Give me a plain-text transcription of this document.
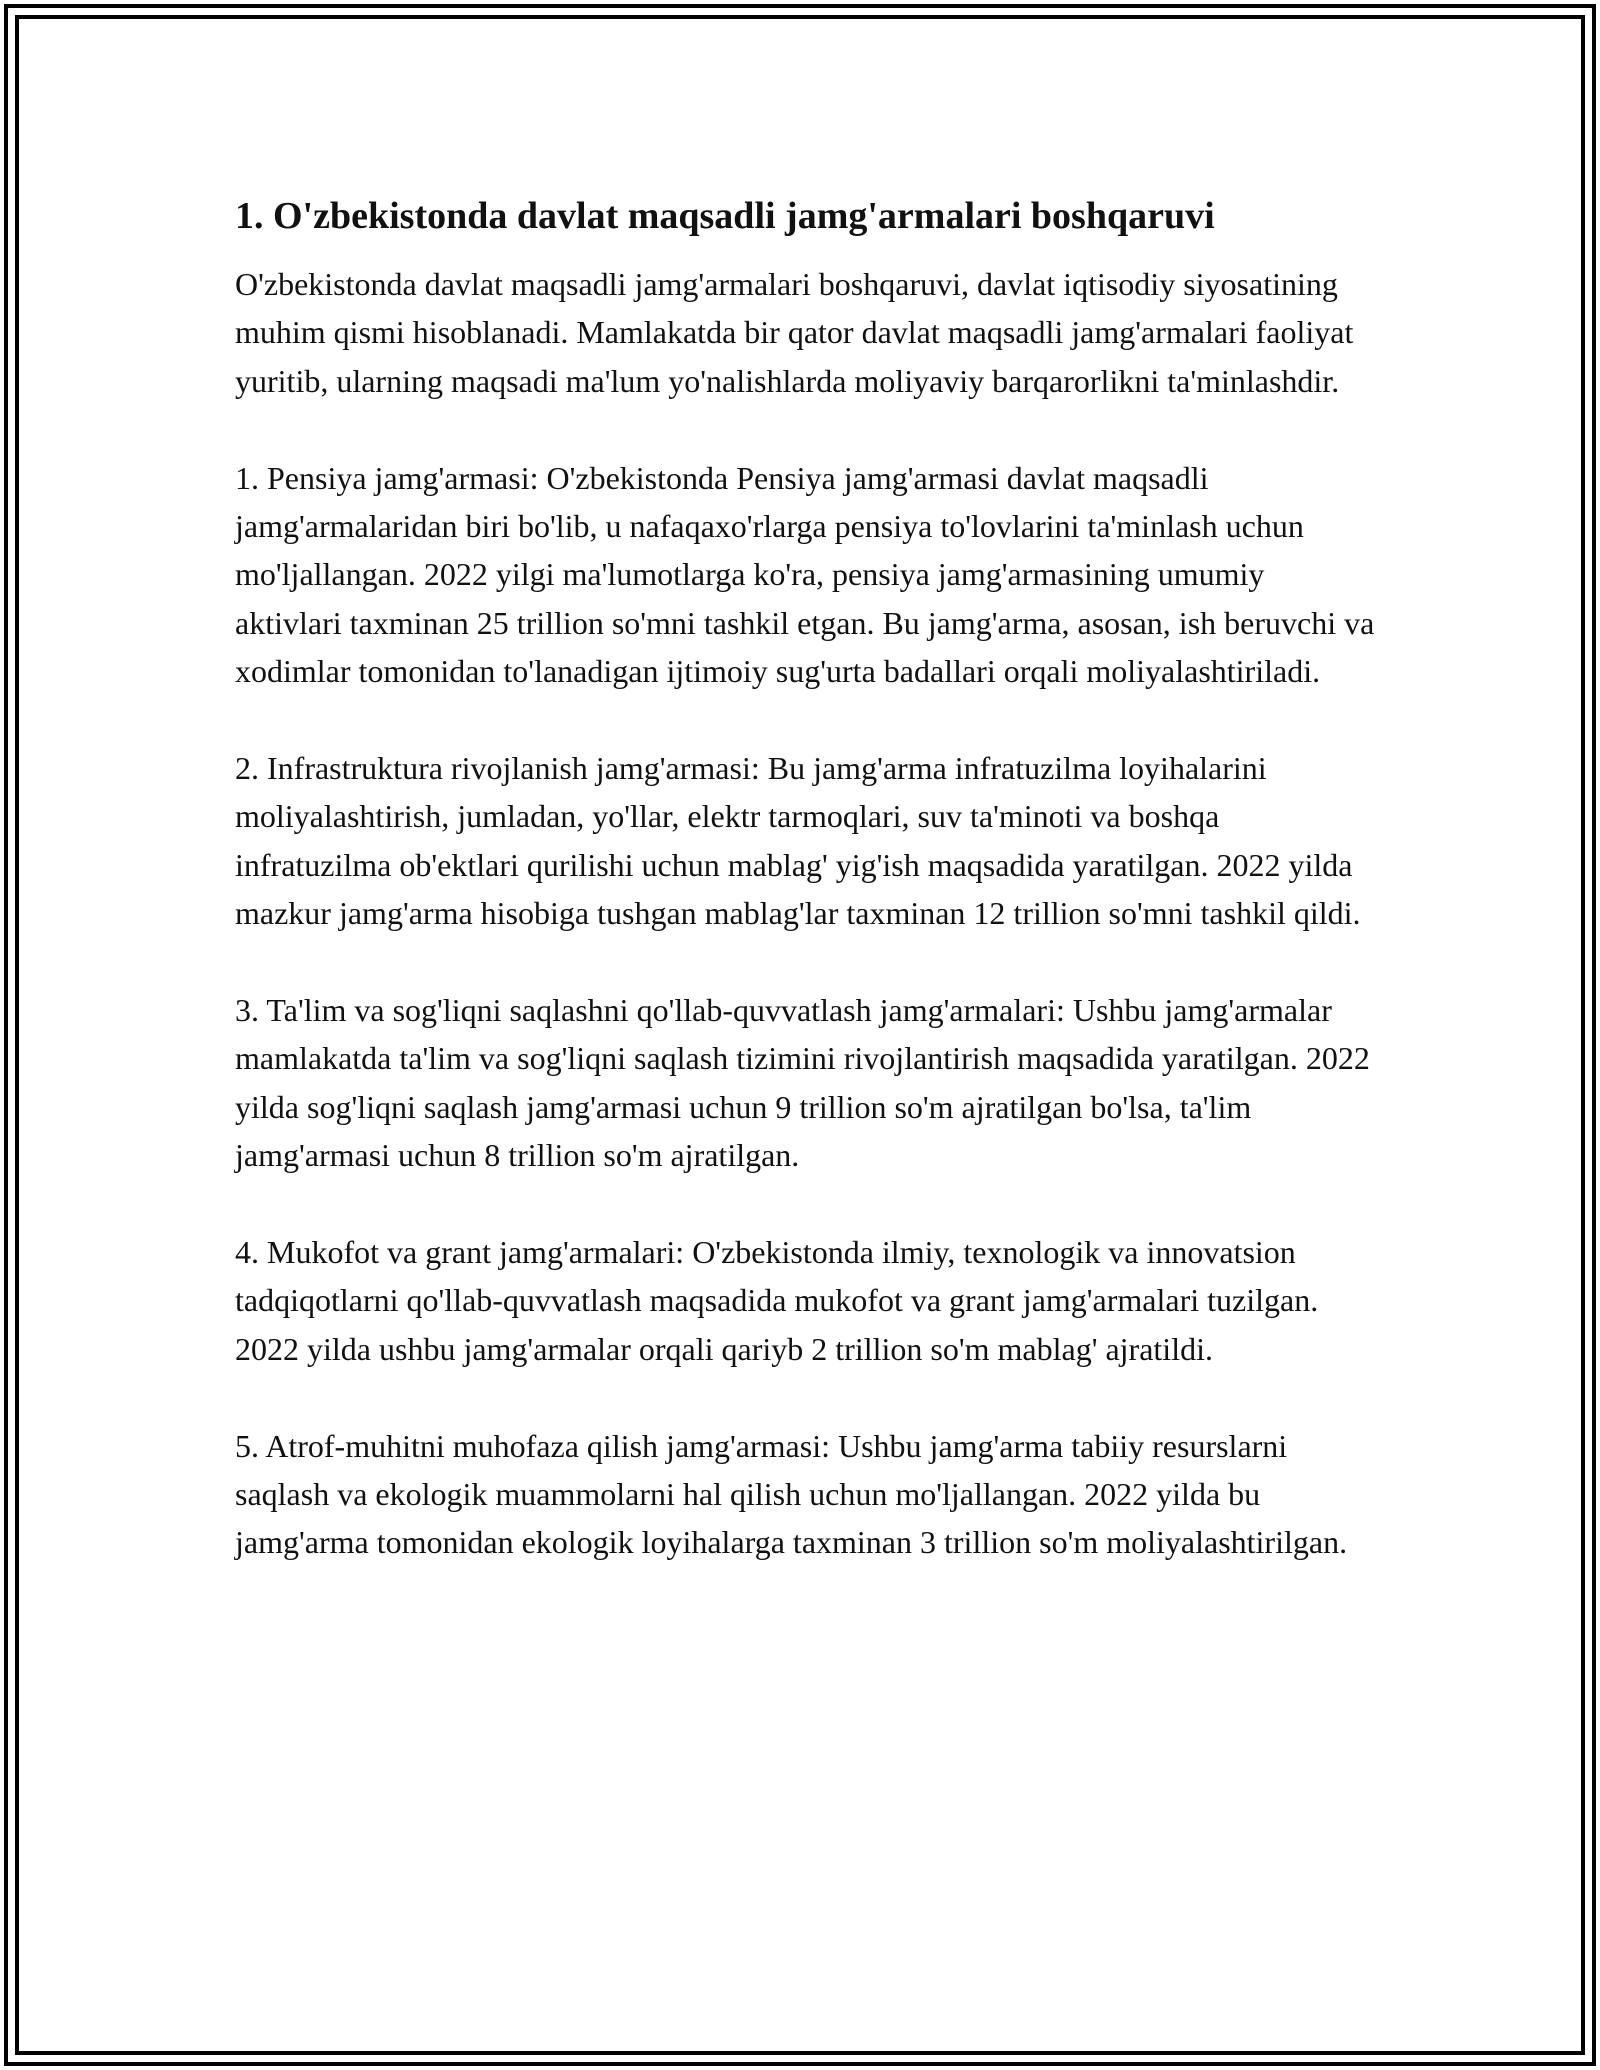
1. O'zbekistonda davlat maqsadli jamg'armalari boshqaruvi

O'zbekistonda davlat maqsadli jamg'armalari boshqaruvi, davlat iqtisodiy siyosatining muhim qismi hisoblanadi. Mamlakatda bir qator davlat maqsadli jamg'armalari faoliyat yuritib, ularning maqsadi ma'lum yo'nalishlarda moliyaviy barqarorlikni ta'minlashdir.

1. Pensiya jamg'armasi: O'zbekistonda Pensiya jamg'armasi davlat maqsadli jamg'armalaridan biri bo'lib, u nafaqaxo'rlarga pensiya to'lovlarini ta'minlash uchun mo'ljallangan. 2022 yilgi ma'lumotlarga ko'ra, pensiya jamg'armasining umumiy aktivlari taxminan 25 trillion so'mni tashkil etgan. Bu jamg'arma, asosan, ish beruvchi va xodimlar tomonidan to'lanadigan ijtimoiy sug'urta badallari orqali moliyalashtiriladi.

2. Infrastruktura rivojlanish jamg'armasi: Bu jamg'arma infratuzilma loyihalarini moliyalashtirish, jumladan, yo'llar, elektr tarmoqlari, suv ta'minoti va boshqa infratuzilma ob'ektlari qurilishi uchun mablag' yig'ish maqsadida yaratilgan. 2022 yilda mazkur jamg'arma hisobiga tushgan mablag'lar taxminan 12 trillion so'mni tashkil qildi.

3. Ta'lim va sog'liqni saqlashni qo'llab-quvvatlash jamg'armalari: Ushbu jamg'armalar mamlakatda ta'lim va sog'liqni saqlash tizimini rivojlantirish maqsadida yaratilgan. 2022 yilda sog'liqni saqlash jamg'armasi uchun 9 trillion so'm ajratilgan bo'lsa, ta'lim jamg'armasi uchun 8 trillion so'm ajratilgan.

4. Mukofot va grant jamg'armalari: O'zbekistonda ilmiy, texnologik va innovatsion tadqiqotlarni qo'llab-quvvatlash maqsadida mukofot va grant jamg'armalari tuzilgan. 2022 yilda ushbu jamg'armalar orqali qariyb 2 trillion so'm mablag' ajratildi.

5. Atrof-muhitni muhofaza qilish jamg'armasi: Ushbu jamg'arma tabiiy resurslarni saqlash va ekologik muammolarni hal qilish uchun mo'ljallangan. 2022 yilda bu jamg'arma tomonidan ekologik loyihalarga taxminan 3 trillion so'm moliyalashtirilgan.
